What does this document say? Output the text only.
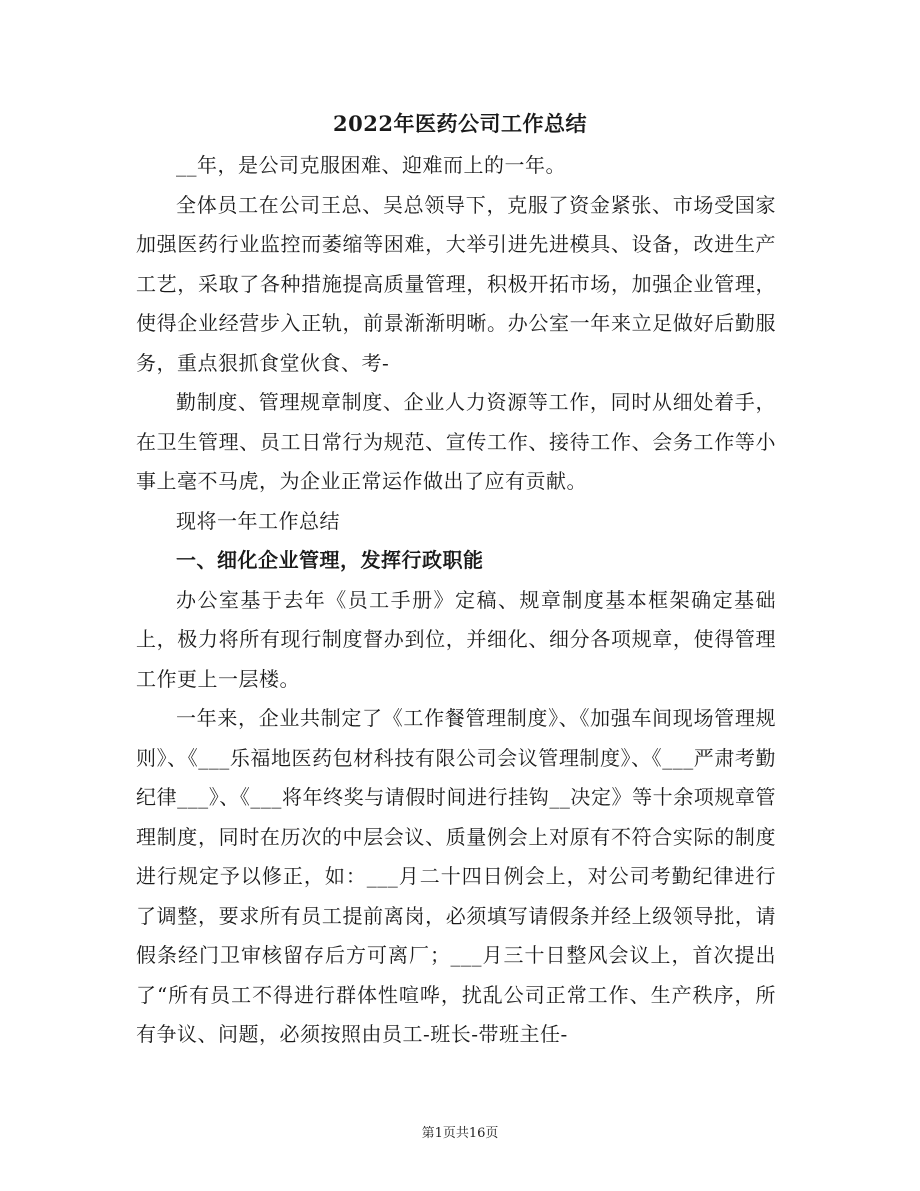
2022年医药公司工作总结

__年，是公司克服困难、迎难而上的一年。

全体员工在公司王总、吴总领导下，克服了资金紧张、市场受国家加强医药行业监控而萎缩等困难，大举引进先进模具、设备，改进生产工艺，采取了各种措施提高质量管理，积极开拓市场，加强企业管理，使得企业经营步入正轨，前景渐渐明晰。办公室一年来立足做好后勤服务，重点狠抓食堂伙食、考-

勤制度、管理规章制度、企业人力资源等工作，同时从细处着手，在卫生管理、员工日常行为规范、宣传工作、接待工作、会务工作等小事上毫不马虎，为企业正常运作做出了应有贡献。

现将一年工作总结

一、细化企业管理，发挥行政职能

办公室基于去年《员工手册》定稿、规章制度基本框架确定基础上，极力将所有现行制度督办到位，并细化、细分各项规章，使得管理工作更上一层楼。

一年来，企业共制定了《工作餐管理制度》、《加强车间现场管理规则》、《___乐福地医药包材科技有限公司会议管理制度》、《___严肃考勤纪律___》、《___将年终奖与请假时间进行挂钩__决定》等十余项规章管理制度，同时在历次的中层会议、质量例会上对原有不符合实际的制度进行规定予以修正，如：___月二十四日例会上，对公司考勤纪律进行了调整，要求所有员工提前离岗，必须填写请假条并经上级领导批，请假条经门卫审核留存后方可离厂；___月三十日整风会议上，首次提出了“所有员工不得进行群体性喧哗，扰乱公司正常工作、生产秩序，所有争议、问题，必须按照由员工-班长-带班主任-

第1页共16页
